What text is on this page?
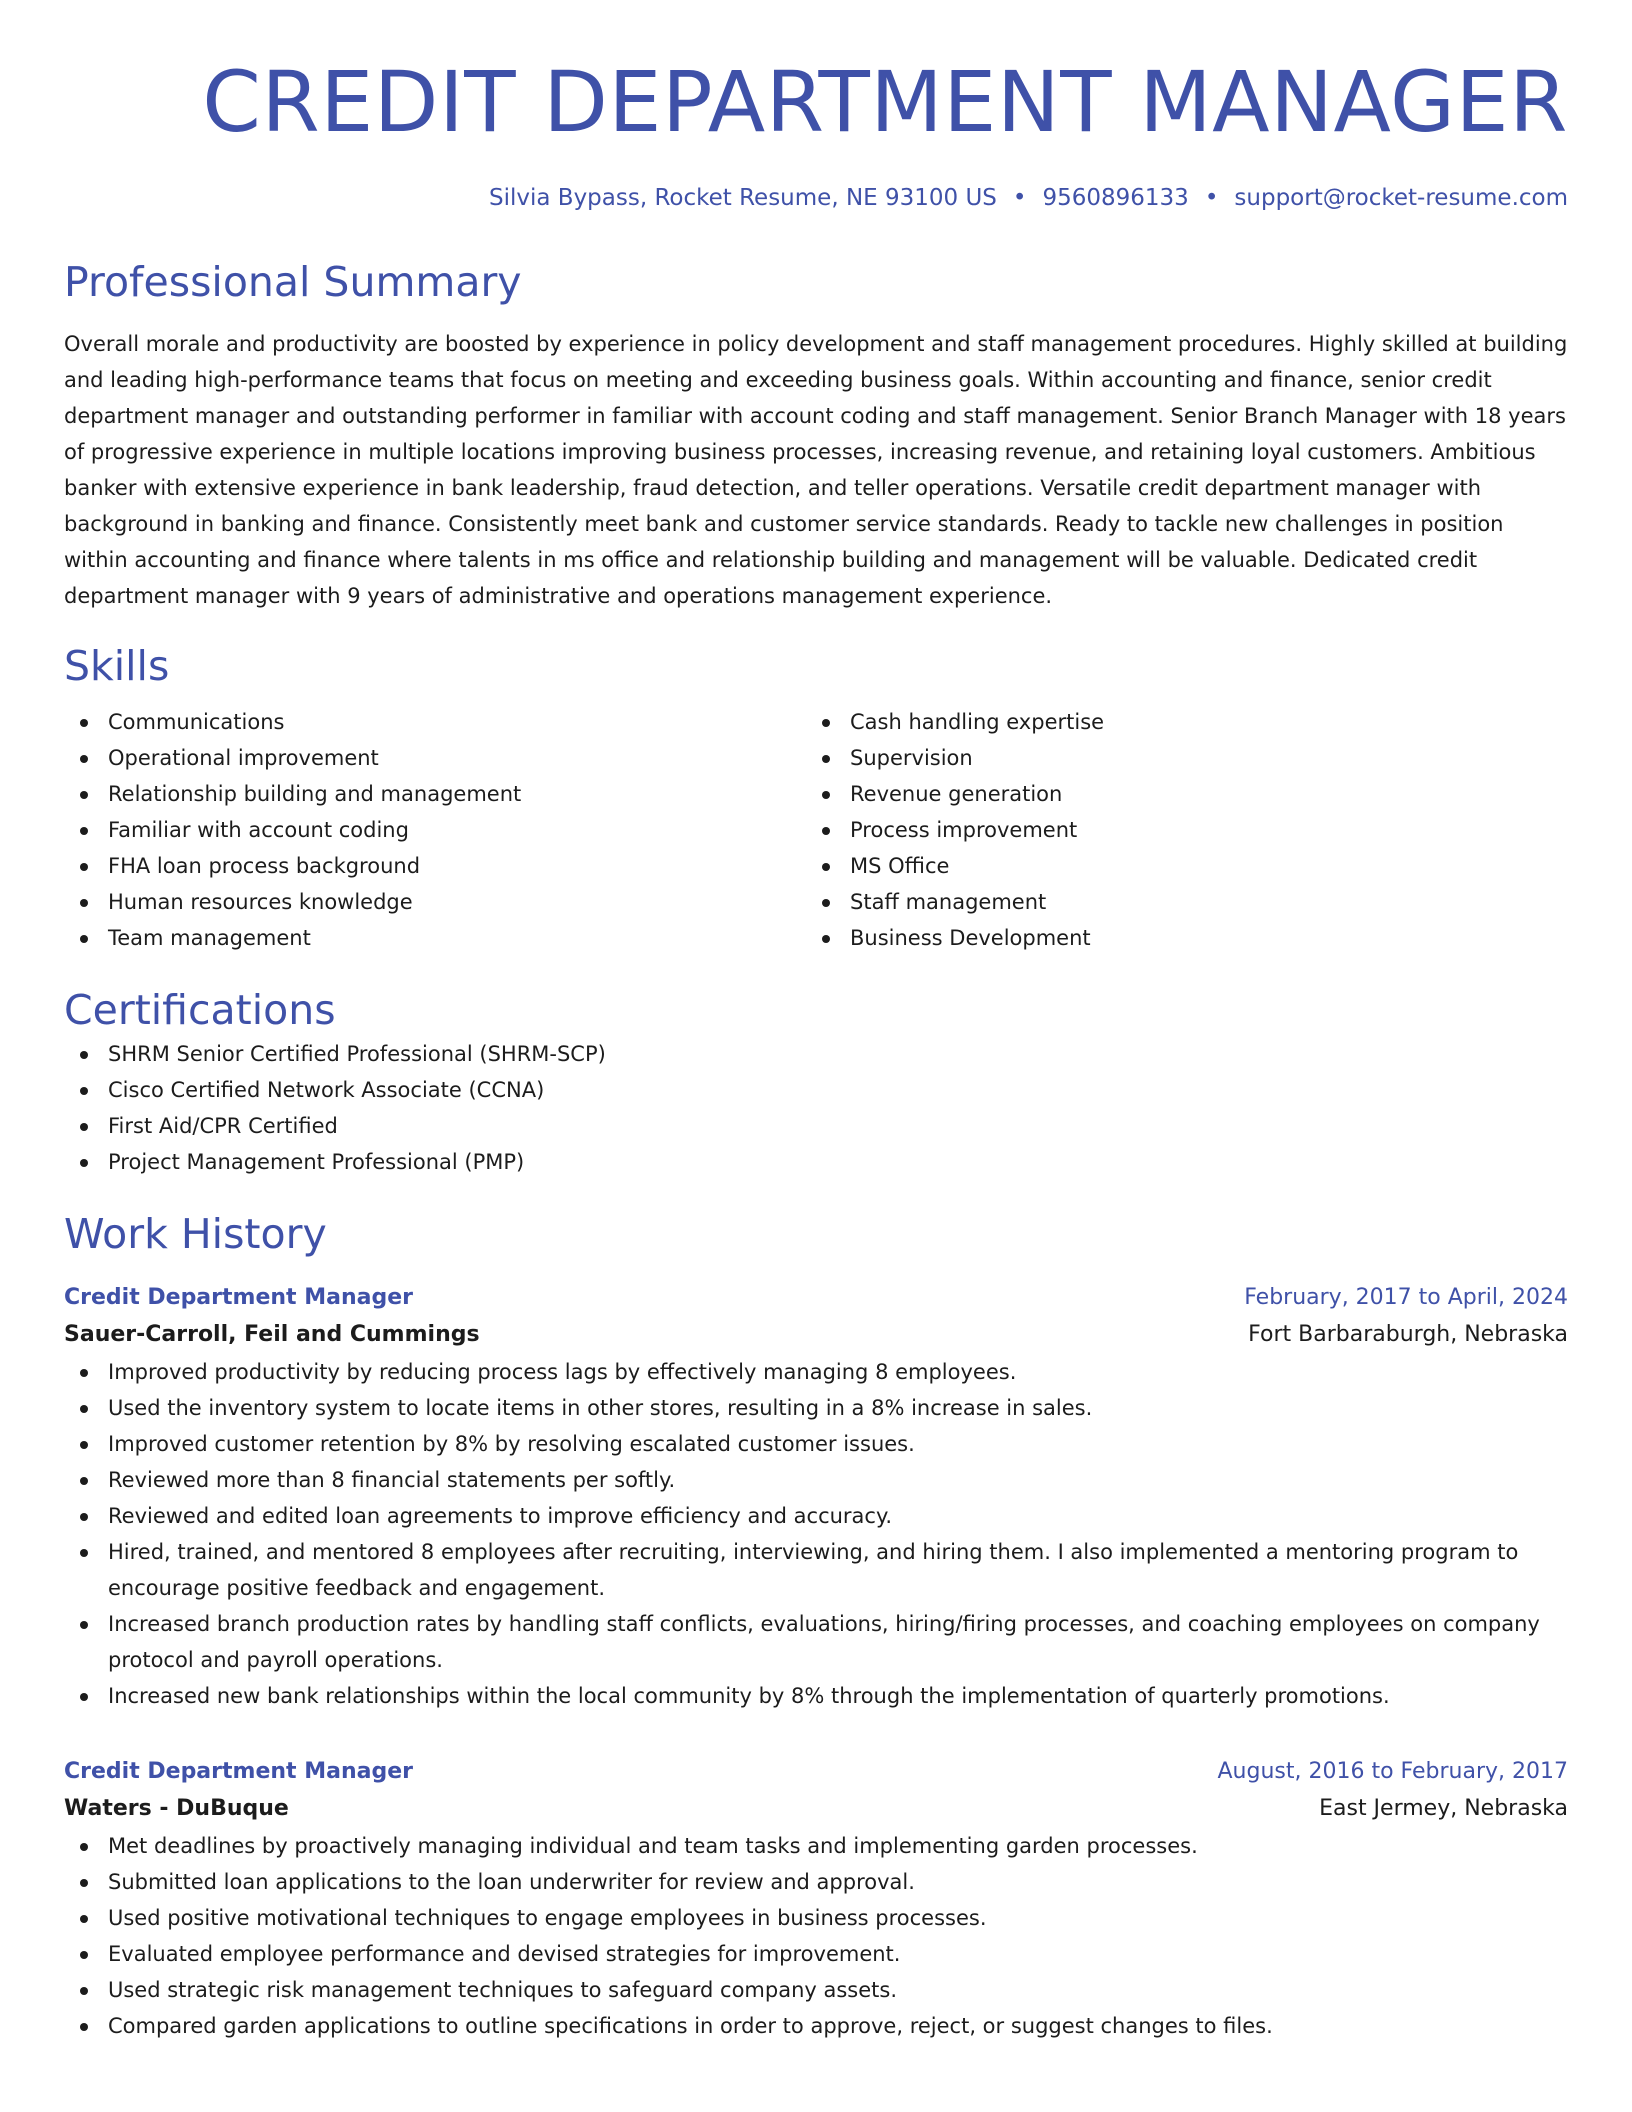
CREDIT DEPARTMENT MANAGER
Silvia Bypass, Rocket Resume, NE 93100 US • 9560896133 • support@rocket-resume.com
Professional Summary

Overall morale and productivity are boosted by experience in policy development and staff management procedures. Highly skilled at building and leading high-performance teams that focus on meeting and exceeding business goals. Within accounting and finance, senior credit department manager and outstanding performer in familiar with account coding and staff management. Senior Branch Manager with 18 years of progressive experience in multiple locations improving business processes, increasing revenue, and retaining loyal customers. Ambitious banker with extensive experience in bank leadership, fraud detection, and teller operations. Versatile credit department manager with background in banking and finance. Consistently meet bank and customer service standards. Ready to tackle new challenges in position within accounting and finance where talents in ms office and relationship building and management will be valuable. Dedicated credit department manager with 9 years of administrative and operations management experience.

Skills
Communications
Operational improvement
Relationship building and management
Familiar with account coding
FHA loan process background
Human resources knowledge
Team management
Cash handling expertise
Supervision
Revenue generation
Process improvement
MS Office
Staff management
Business Development
Certifications
SHRM Senior Certified Professional (SHRM-SCP)
Cisco Certified Network Associate (CCNA)
First Aid/CPR Certified
Project Management Professional (PMP)
Work History
Credit Department Manager	February, 2017 to April, 2024
Sauer-Carroll, Feil and Cummings	Fort Barbaraburgh, Nebraska
Improved productivity by reducing process lags by effectively managing 8 employees.
Used the inventory system to locate items in other stores, resulting in a 8% increase in sales.
Improved customer retention by 8% by resolving escalated customer issues.
Reviewed more than 8 financial statements per softly.
Reviewed and edited loan agreements to improve efficiency and accuracy.
Hired, trained, and mentored 8 employees after recruiting, interviewing, and hiring them. I also implemented a mentoring program to encourage positive feedback and engagement.
Increased branch production rates by handling staff conflicts, evaluations, hiring/firing processes, and coaching employees on company protocol and payroll operations.
Increased new bank relationships within the local community by 8% through the implementation of quarterly promotions.
Credit Department Manager	August, 2016 to February, 2017
Waters - DuBuque	East Jermey, Nebraska
Met deadlines by proactively managing individual and team tasks and implementing garden processes.
Submitted loan applications to the loan underwriter for review and approval.
Used positive motivational techniques to engage employees in business processes.
Evaluated employee performance and devised strategies for improvement.
Used strategic risk management techniques to safeguard company assets.
Compared garden applications to outline specifications in order to approve, reject, or suggest changes to files.
